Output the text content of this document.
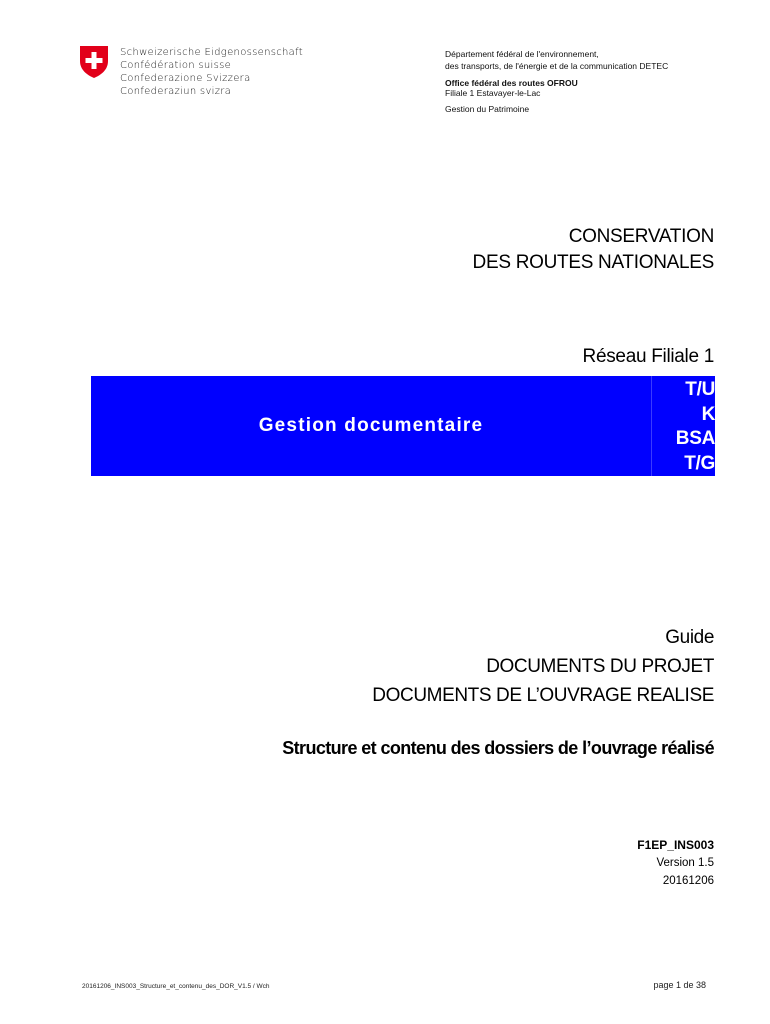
Schweizerische Eidgenossenschaft
Confédération suisse
Confederazione Svizzera
Confederaziun svizra
Département fédéral de l'environnement,
des transports, de l'énergie et de la communication DETEC
Office fédéral des routes OFROU
Filiale 1 Estavayer-le-Lac
Gestion du Patrimoine
CONSERVATION
DES ROUTES NATIONALES
Réseau Filiale 1
Gestion documentaire
T/U
K
BSA
T/G
Guide
DOCUMENTS DU PROJET
DOCUMENTS DE L’OUVRAGE REALISE
Structure et contenu des dossiers de l’ouvrage réalisé
F1EP_INS003
Version 1.5
20161206
20161206_INS003_Structure_et_contenu_des_DOR_V1.5 / Wch	page 1 de 38
